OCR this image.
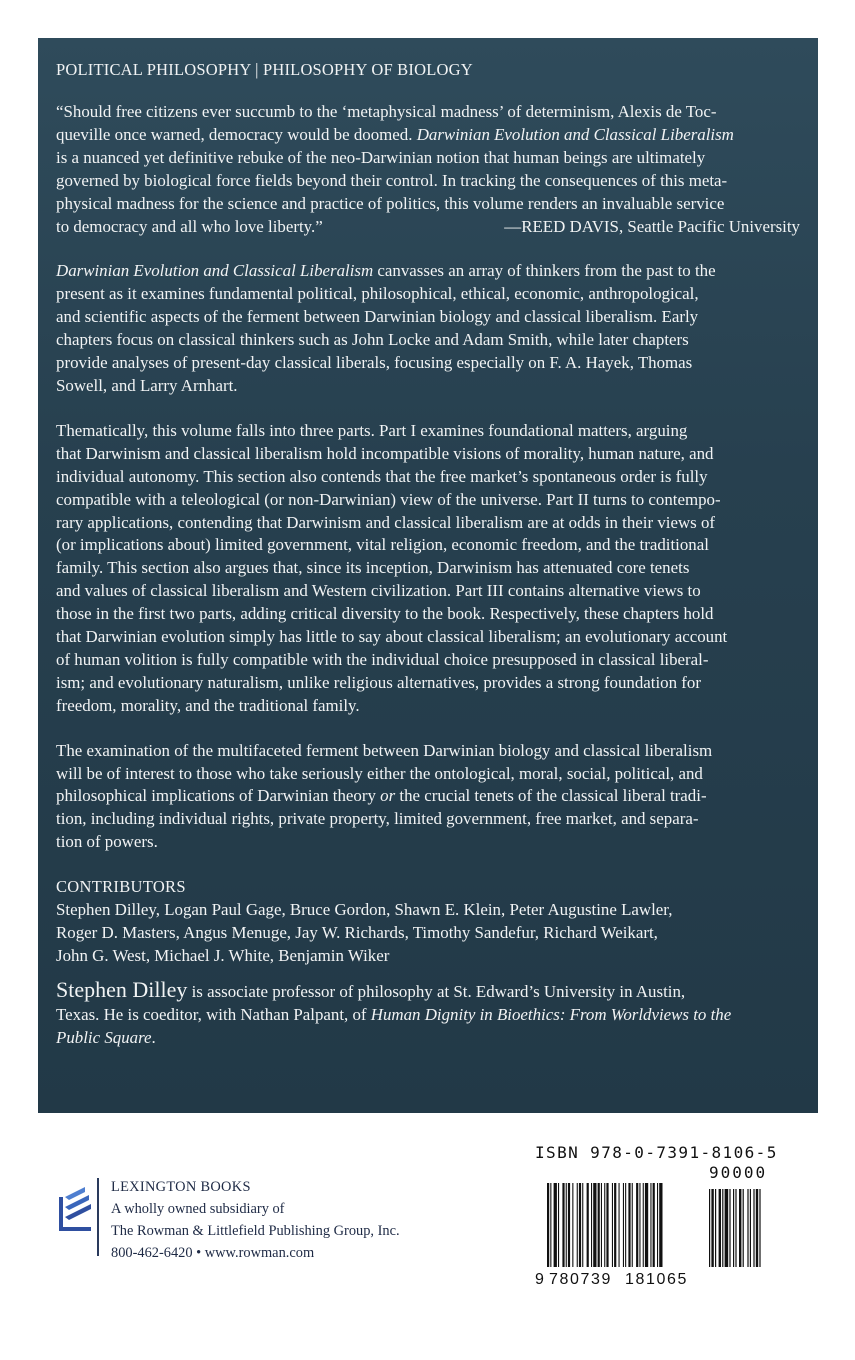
POLITICAL PHILOSOPHY | PHILOSOPHY OF BIOLOGY

“Should free citizens ever succumb to the ‘metaphysical madness’ of determinism, Alexis de Toc-

queville once warned, democracy would be doomed. Darwinian Evolution and Classical Liberalism

is a nuanced yet definitive rebuke of the neo-Darwinian notion that human beings are ultimately

governed by biological force fields beyond their control. In tracking the consequences of this meta-

physical madness for the science and practice of politics, this volume renders an invaluable service

to democracy and all who love liberty.”	—REED DAVIS, Seattle Pacific University

Darwinian Evolution and Classical Liberalism canvasses an array of thinkers from the past to the

present as it examines fundamental political, philosophical, ethical, economic, anthropological,

and scientific aspects of the ferment between Darwinian biology and classical liberalism. Early

chapters focus on classical thinkers such as John Locke and Adam Smith, while later chapters

provide analyses of present-day classical liberals, focusing especially on F. A. Hayek, Thomas

Sowell, and Larry Arnhart.

Thematically, this volume falls into three parts. Part I examines foundational matters, arguing

that Darwinism and classical liberalism hold incompatible visions of morality, human nature, and

individual autonomy. This section also contends that the free market’s spontaneous order is fully

compatible with a teleological (or non-Darwinian) view of the universe. Part II turns to contempo-

rary applications, contending that Darwinism and classical liberalism are at odds in their views of

(or implications about) limited government, vital religion, economic freedom, and the traditional

family. This section also argues that, since its inception, Darwinism has attenuated core tenets

and values of classical liberalism and Western civilization. Part III contains alternative views to

those in the first two parts, adding critical diversity to the book. Respectively, these chapters hold

that Darwinian evolution simply has little to say about classical liberalism; an evolutionary account

of human volition is fully compatible with the individual choice presupposed in classical liberal-

ism; and evolutionary naturalism, unlike religious alternatives, provides a strong foundation for

freedom, morality, and the traditional family.

The examination of the multifaceted ferment between Darwinian biology and classical liberalism

will be of interest to those who take seriously either the ontological, moral, social, political, and

philosophical implications of Darwinian theory or the crucial tenets of the classical liberal tradi-

tion, including individual rights, private property, limited government, free market, and separa-

tion of powers.

CONTRIBUTORS

Stephen Dilley, Logan Paul Gage, Bruce Gordon, Shawn E. Klein, Peter Augustine Lawler,

Roger D. Masters, Angus Menuge, Jay W. Richards, Timothy Sandefur, Richard Weikart,

John G. West, Michael J. White, Benjamin Wiker

Stephen Dilley is associate professor of philosophy at St. Edward’s University in Austin,

Texas. He is coeditor, with Nathan Palpant, of Human Dignity in Bioethics: From Worldviews to the

Public Square.

LEXINGTON BOOKS
A wholly owned subsidiary of
The Rowman & Littlefield Publishing Group, Inc.
800-462-6420 • www.rowman.com
ISBN 978-0-7391-8106-5
90000
9 780739 181065
